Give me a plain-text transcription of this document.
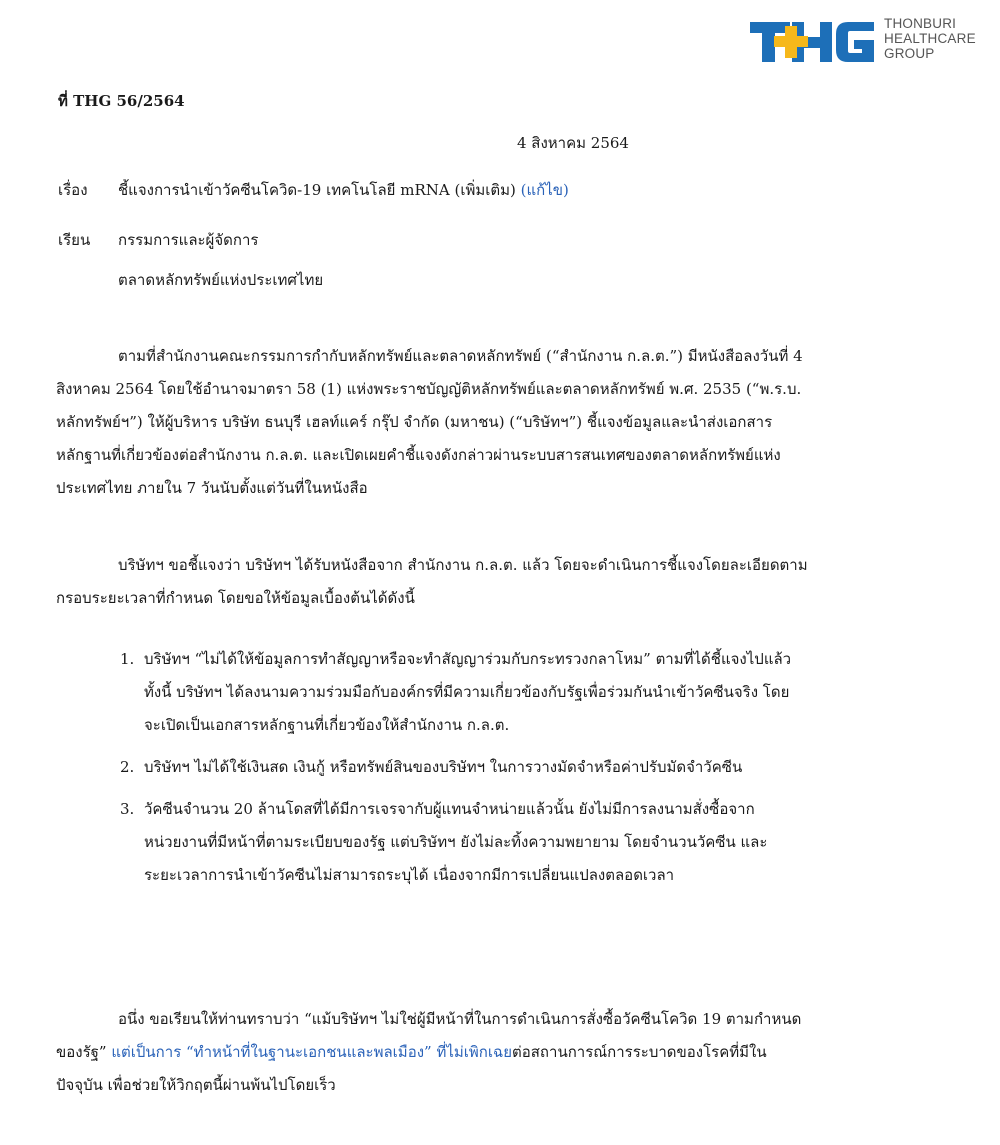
THONBURI
HEALTHCARE
GROUP
ที่ THG 56/2564
4 สิงหาคม 2564
เรื่อง ชี้แจงการนำเข้าวัคซีนโควิด-19 เทคโนโลยี mRNA (เพิ่มเติม) (แก้ไข)
เรียน กรรมการและผู้จัดการ
ตลาดหลักทรัพย์แห่งประเทศไทย
ตามที่สำนักงานคณะกรรมการกำกับหลักทรัพย์และตลาดหลักทรัพย์ (“สำนักงาน ก.ล.ต.”) มีหนังสือลงวันที่ 4
สิงหาคม 2564 โดยใช้อำนาจมาตรา 58 (1) แห่งพระราชบัญญัติหลักทรัพย์และตลาดหลักทรัพย์ พ.ศ. 2535 (“พ.ร.บ.
หลักทรัพย์ฯ”) ให้ผู้บริหาร บริษัท ธนบุรี เฮลท์แคร์ กรุ๊ป จำกัด (มหาชน) (“บริษัทฯ”) ชี้แจงข้อมูลและนำส่งเอกสาร
หลักฐานที่เกี่ยวข้องต่อสำนักงาน ก.ล.ต. และเปิดเผยคำชี้แจงดังกล่าวผ่านระบบสารสนเทศของตลาดหลักทรัพย์แห่ง
ประเทศไทย ภายใน 7 วันนับตั้งแต่วันที่ในหนังสือ
บริษัทฯ ขอชี้แจงว่า บริษัทฯ ได้รับหนังสือจาก สำนักงาน ก.ล.ต. แล้ว โดยจะดำเนินการชี้แจงโดยละเอียดตาม
กรอบระยะเวลาที่กำหนด โดยขอให้ข้อมูลเบื้องต้นได้ดังนี้
1. บริษัทฯ “ไม่ได้ให้ข้อมูลการทำสัญญาหรือจะทำสัญญาร่วมกับกระทรวงกลาโหม” ตามที่ได้ชี้แจงไปแล้ว
ทั้งนี้ บริษัทฯ ได้ลงนามความร่วมมือกับองค์กรที่มีความเกี่ยวข้องกับรัฐเพื่อร่วมกันนำเข้าวัคซีนจริง โดย
จะเปิดเป็นเอกสารหลักฐานที่เกี่ยวข้องให้สำนักงาน ก.ล.ต.
2. บริษัทฯ ไม่ได้ใช้เงินสด เงินกู้ หรือทรัพย์สินของบริษัทฯ ในการวางมัดจำหรือค่าปรับมัดจำวัคซีน
3. วัคซีนจำนวน 20 ล้านโดสที่ได้มีการเจรจากับผู้แทนจำหน่ายแล้วนั้น ยังไม่มีการลงนามสั่งซื้อจาก
หน่วยงานที่มีหน้าที่ตามระเบียบของรัฐ แต่บริษัทฯ ยังไม่ละทิ้งความพยายาม โดยจำนวนวัคซีน และ
ระยะเวลาการนำเข้าวัคซีนไม่สามารถระบุได้ เนื่องจากมีการเปลี่ยนแปลงตลอดเวลา
อนึ่ง ขอเรียนให้ท่านทราบว่า “แม้บริษัทฯ ไม่ใช่ผู้มีหน้าที่ในการดำเนินการสั่งซื้อวัคซีนโควิด 19 ตามกำหนด
ของรัฐ” แต่เป็นการ “ทำหน้าที่ในฐานะเอกชนและพลเมือง” ที่ไม่เพิกเฉยต่อสถานการณ์การระบาดของโรคที่มีใน
ปัจจุบัน เพื่อช่วยให้วิกฤตนี้ผ่านพ้นไปโดยเร็ว
